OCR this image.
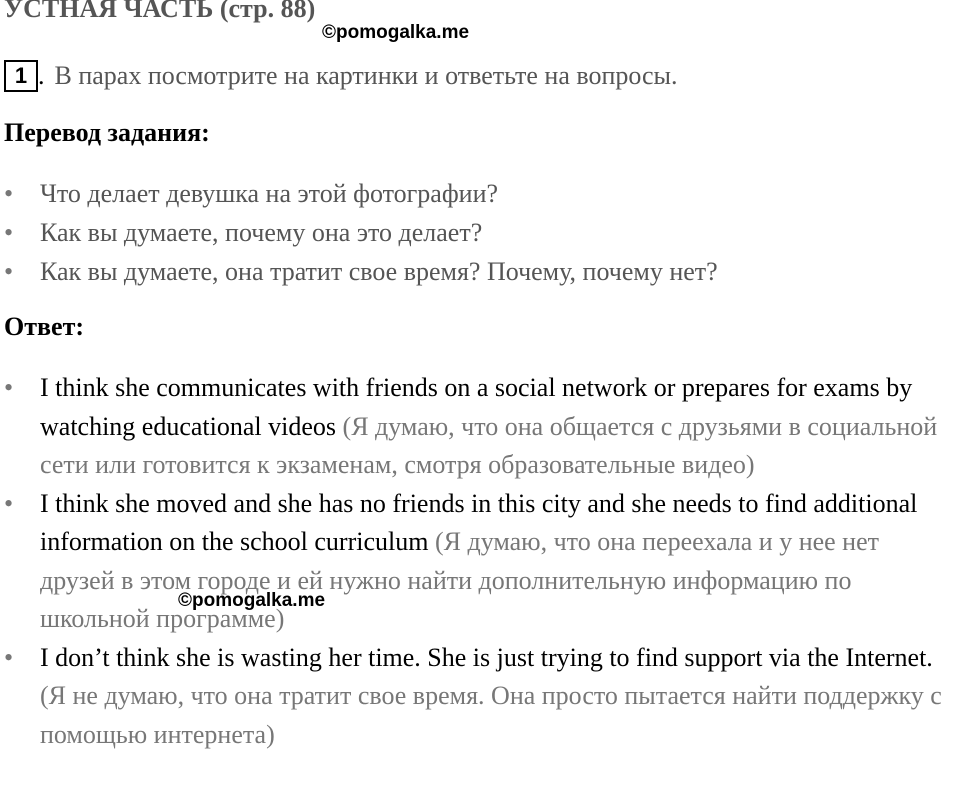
УСТНАЯ ЧАСТЬ (стр. 88)
©pomogalka.me
1 . В парах посмотрите на картинки и ответьте на вопросы.
Перевод задания:
• Что делает девушка на этой фотографии?
• Как вы думаете, почему она это делает?
• Как вы думаете, она тратит свое время? Почему, почему нет?
Ответ:
• I think she communicates with friends on a social network or prepares for exams by watching educational videos (Я думаю, что она общается с друзьями в социальной сети или готовится к экзаменам, смотря образовательные видео)
• I think she moved and she has no friends in this city and she needs to find additional information on the school curriculum (Я думаю, что она переехала и у нее нет друзей в этом городе и ей нужно найти дополнительную информацию по школьной программе)
• I don’t think she is wasting her time. She is just trying to find support via the Internet. (Я не думаю, что она тратит свое время. Она просто пытается найти поддержку с помощью интернета)
©pomogalka.me
